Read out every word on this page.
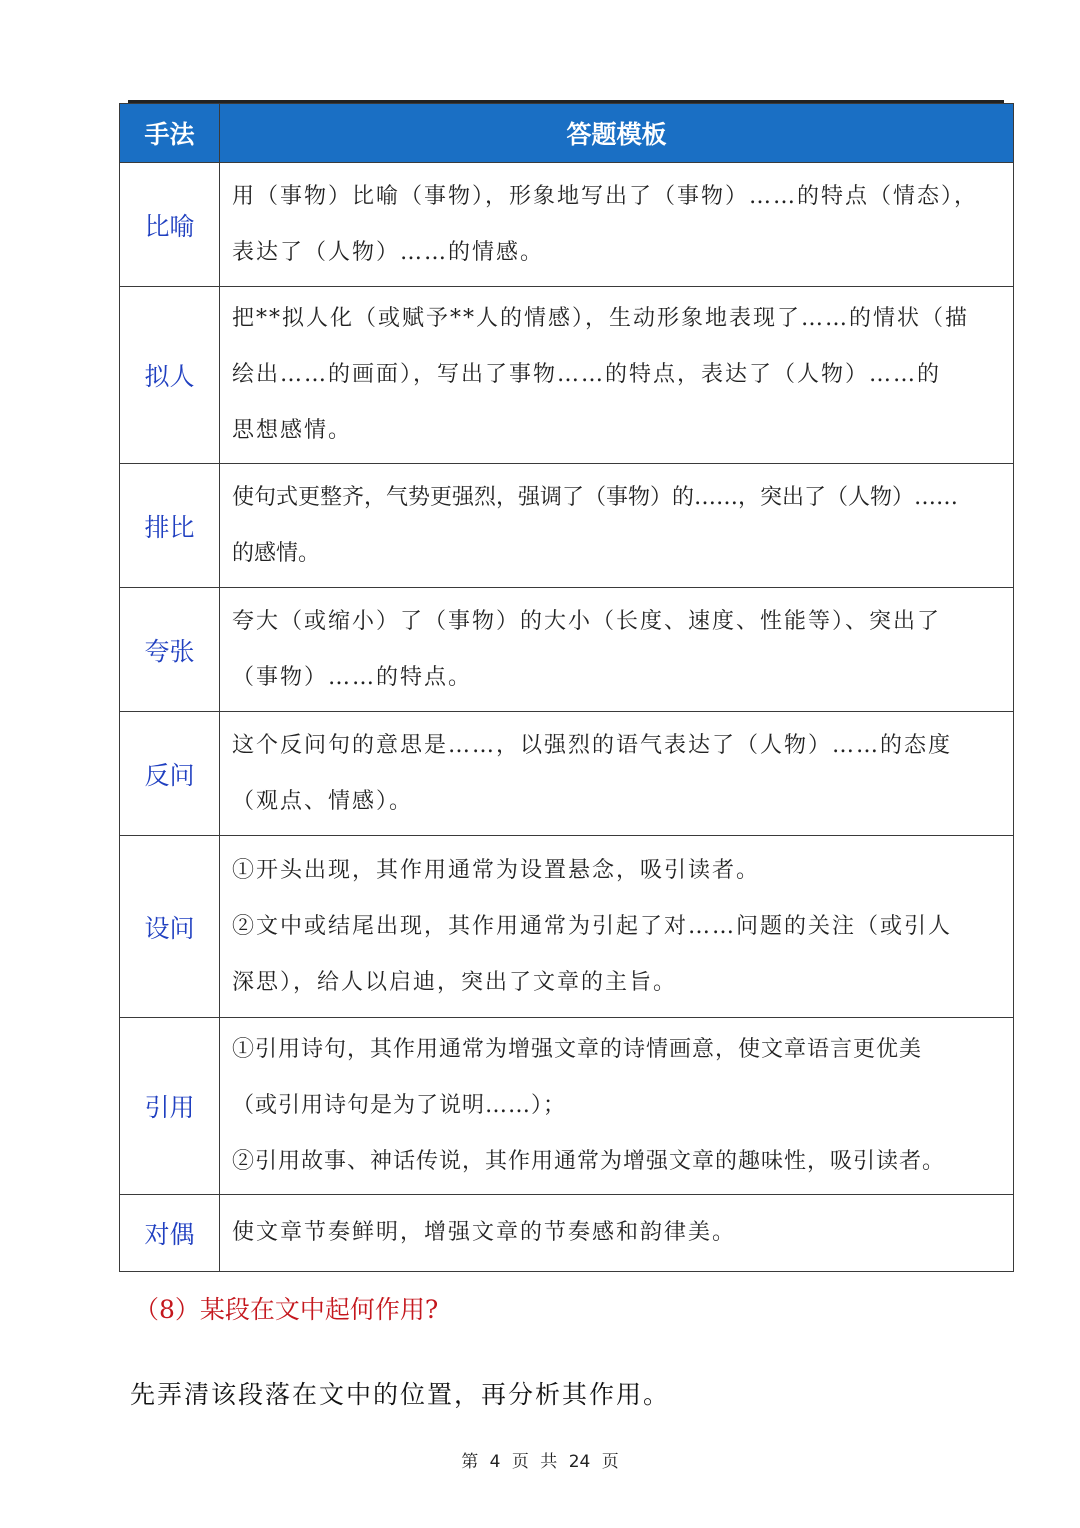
手法	答题模板
比喻	用（事物）比喻（事物），形象地写出了（事物）……的特点（情态），
表达了（人物）……的情感。

拟人	把**拟人化（或赋予**人的情感），生动形象地表现了……的情状（描
绘出……的画面），写出了事物……的特点，表达了（人物）……的
思想感情。

排比	使句式更整齐，气势更强烈，强调了（事物）的……，突出了（人物）……
的感情。

夸张	夸大（或缩小）了（事物）的大小（长度、速度、性能等）、突出了
（事物）……的特点。

反问	这个反问句的意思是……，以强烈的语气表达了（人物）……的态度
（观点、情感）。

设问	①开头出现，其作用通常为设置悬念，吸引读者。
②文中或结尾出现，其作用通常为引起了对……问题的关注（或引人
深思），给人以启迪，突出了文章的主旨。

引用	①引用诗句，其作用通常为增强文章的诗情画意，使文章语言更优美
（或引用诗句是为了说明……）；
②引用故事、神话传说，其作用通常为增强文章的趣味性，吸引读者。

对偶	使文章节奏鲜明，增强文章的节奏感和韵律美。

（8）某段在文中起何作用?

先弄清该段落在文中的位置，再分析其作用。

第 4 页 共 24 页
